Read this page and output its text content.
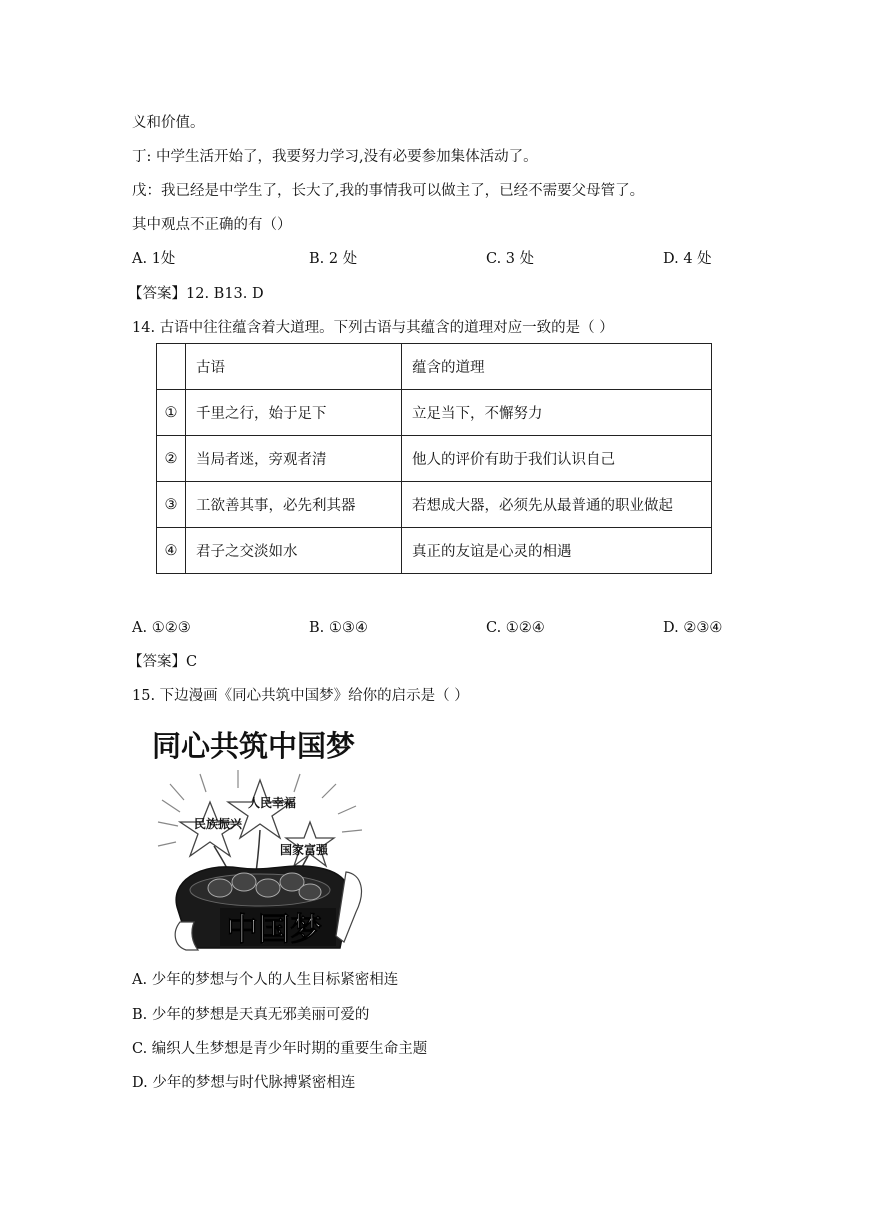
义和价值。
丁: 中学生活开始了，我要努力学习,没有必要参加集体活动了。
戊：我已经是中学生了，长大了,我的事情我可以做主了，已经不需要父母管了。
其中观点不正确的有（）
A. 1处	B. 2 处	C. 3 处	D. 4 处
【答案】12. B13. D
14. 古语中往往蕴含着大道理。下列古语与其蕴含的道理对应一致的是（ ）
	古语	蕴含的道理
①	千里之行，始于足下	立足当下，不懈努力
②	当局者迷，旁观者清	他人的评价有助于我们认识自己
③	工欲善其事，必先利其器	若想成大器，必须先从最普通的职业做起
④	君子之交淡如水	真正的友谊是心灵的相遇
A. ①②③	B. ①③④	C. ①②④	D. ②③④
【答案】C
15. 下边漫画《同心共筑中国梦》给你的启示是（ ）
同心共筑中国梦
人民幸福
民族振兴
国家富强
中国梦
A. 少年的梦想与个人的人生目标紧密相连
B. 少年的梦想是天真无邪美丽可爱的
C. 编织人生梦想是青少年时期的重要生命主题
D. 少年的梦想与时代脉搏紧密相连
